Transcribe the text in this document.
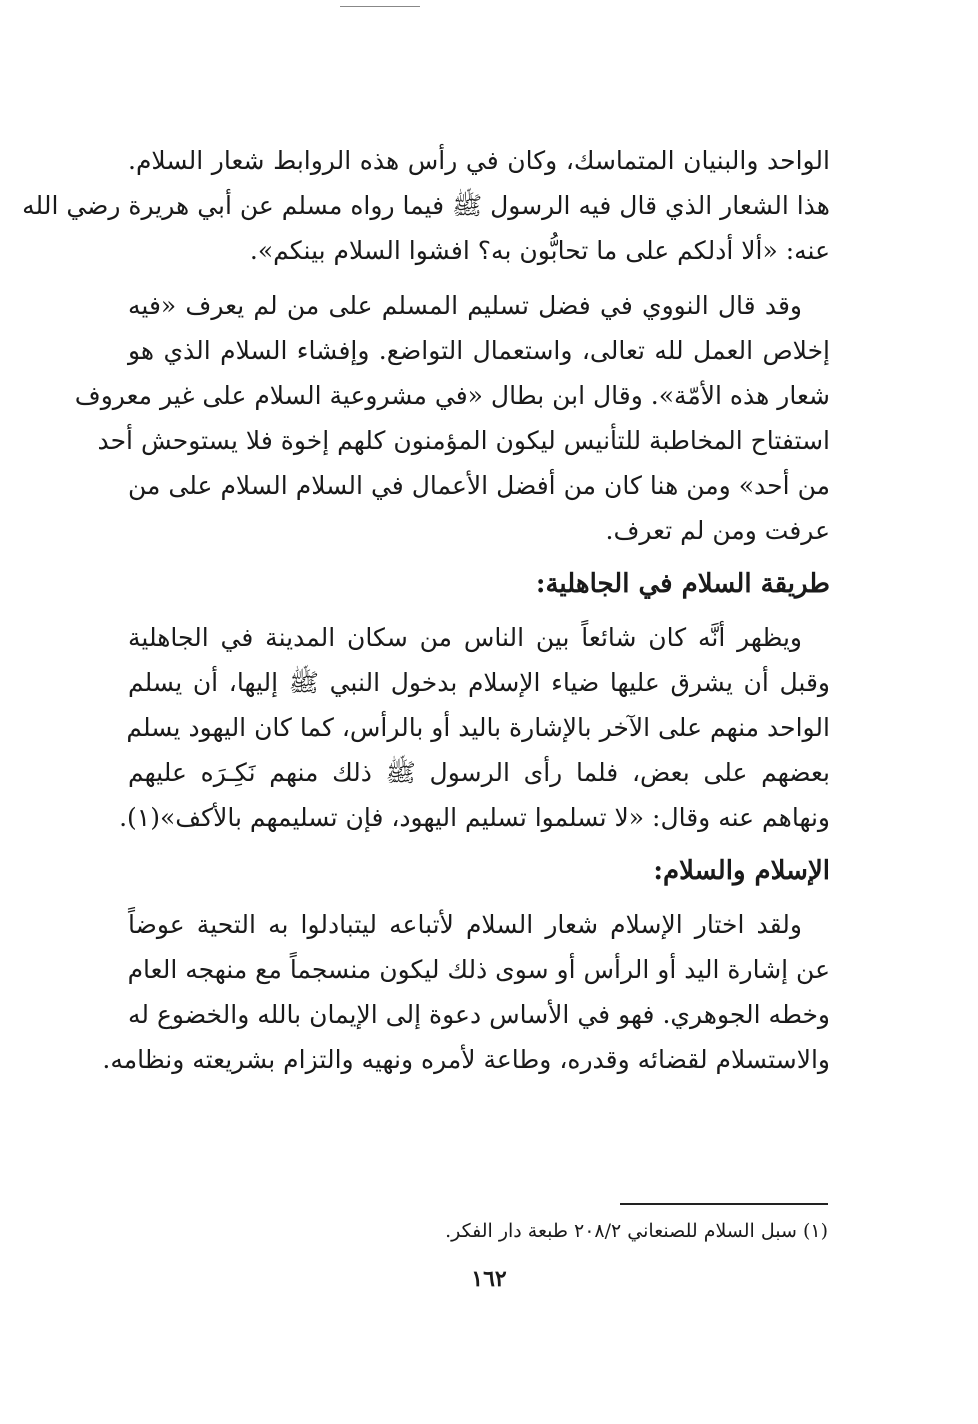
الواحد والبنيان المتماسك، وكان في رأس هذه الروابط شعار السلام.
هذا الشعار الذي قال فيه الرسول ﷺ فيما رواه مسلم عن أبي هريرة رضي الله
عنه: «ألا أدلكم على ما تحابُّون به؟ افشوا السلام بينكم».
وقد قال النووي في فضل تسليم المسلم على من لم يعرف «فيه
إخلاص العمل لله تعالى، واستعمال التواضع. وإفشاء السلام الذي هو
شعار هذه الأمّة». وقال ابن بطال «في مشروعية السلام على غير معروف
استفتاح المخاطبة للتأنيس ليكون المؤمنون كلهم إخوة فلا يستوحش أحد
من أحد» ومن هنا كان من أفضل الأعمال في السلام السلام على من
عرفت ومن لم تعرف.
طريقة السلام في الجاهلية:
ويظهر أنَّه كان شائعاً بين الناس من سكان المدينة في الجاهلية
وقبل أن يشرق عليها ضياء الإسلام بدخول النبي ﷺ إليها، أن يسلم
الواحد منهم على الآخر بالإشارة باليد أو بالرأس، كما كان اليهود يسلم
بعضهم على بعض، فلما رأى الرسول ﷺ ذلك منهم نَكِـرَه عليهم
ونهاهم عنه وقال: «لا تسلموا تسليم اليهود، فإن تسليمهم بالأكف»(١).
الإسلام والسلام:
ولقد اختار الإسلام شعار السلام لأتباعه ليتبادلوا به التحية عوضاً
عن إشارة اليد أو الرأس أو سوى ذلك ليكون منسجماً مع منهجه العام
وخطه الجوهري. فهو في الأساس دعوة إلى الإيمان بالله والخضوع له
والاستسلام لقضائه وقدره، وطاعة لأمره ونهيه والتزام بشريعته ونظامه.
(١) سبل السلام للصنعاني ٢٠٨/٢ طبعة دار الفكر.
١٦٢
